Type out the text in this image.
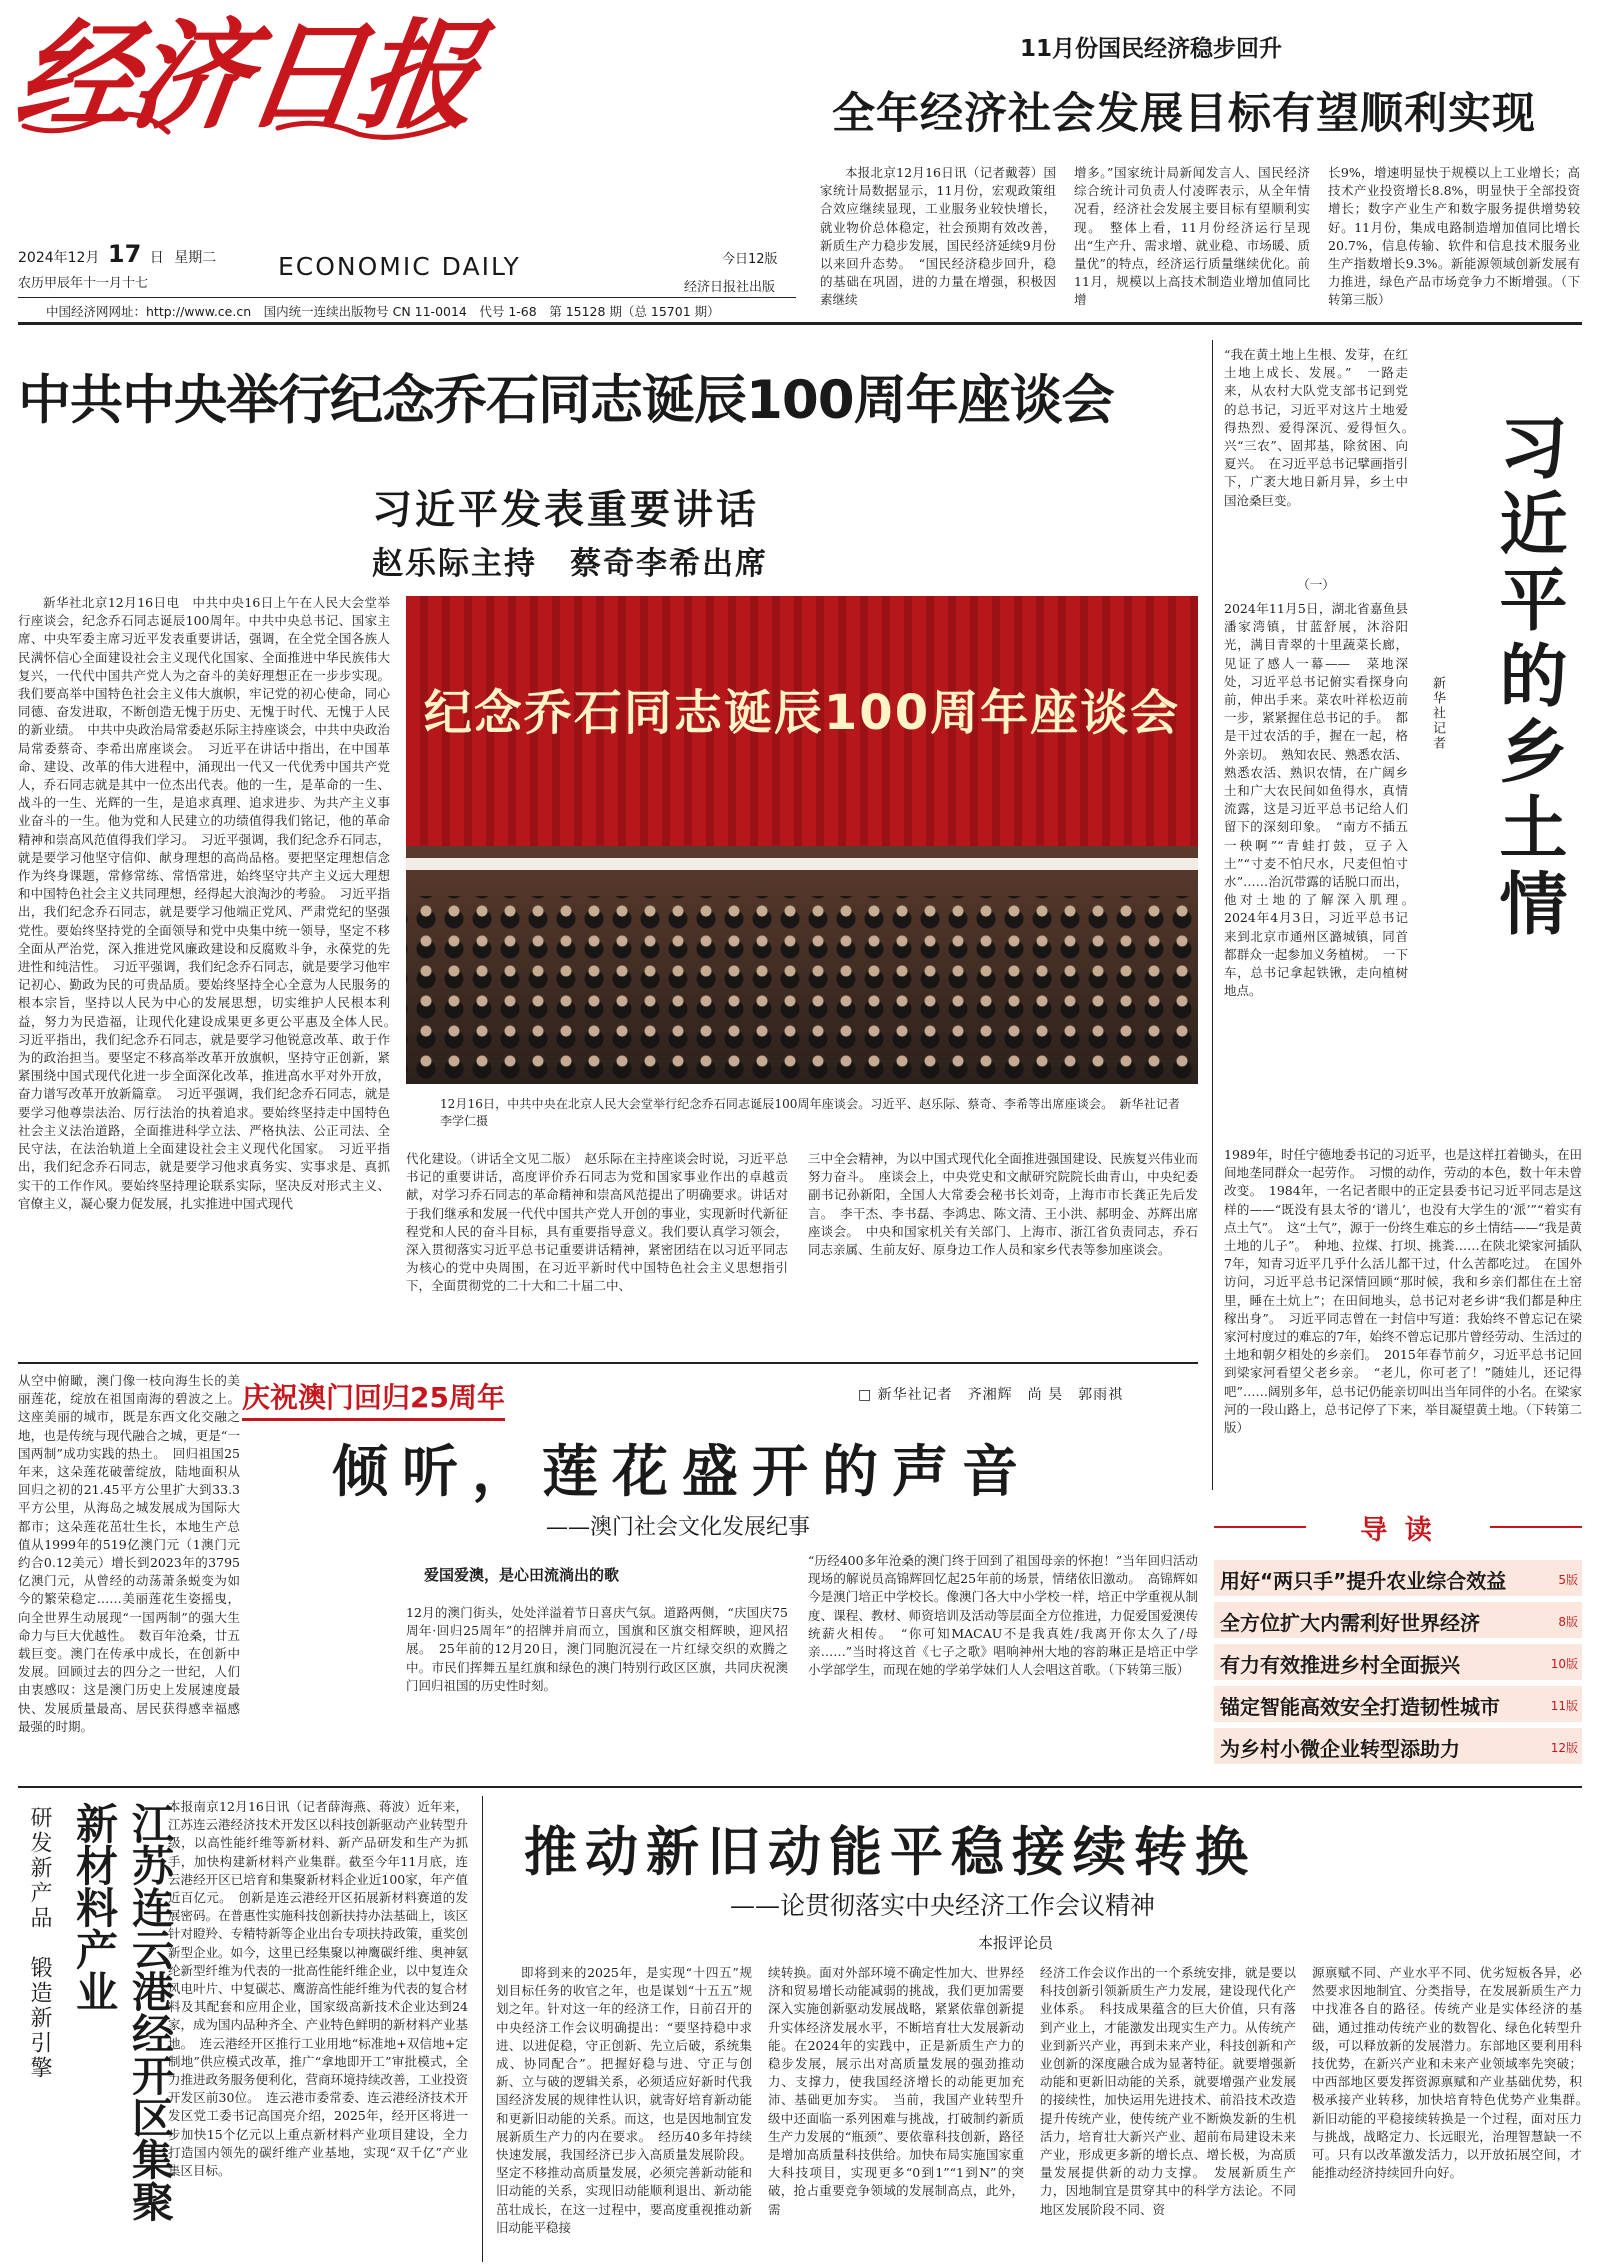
经济日报
2024年12月 17 日 星期二
农历甲辰年十一月十七
ECONOMIC DAILY	今日12版
经济日报社出版
中国经济网网址：http://www.ce.cn　国内统一连续出版物号 CN 11-0014　代号 1-68　第 15128 期（总 15701 期）
11月份国民经济稳步回升
全年经济社会发展目标有望顺利实现
本报北京12月16日讯（记者戴蓉）国家统计局数据显示，11月份，宏观政策组合效应继续显现，工业服务业较快增长，就业物价总体稳定，社会预期有效改善，新质生产力稳步发展，国民经济延续9月份以来回升态势。　“国民经济稳步回升，稳的基础在巩固，进的力量在增强，积极因素继续
增多。”国家统计局新闻发言人、国民经济综合统计司负责人付凌晖表示，从全年情况看，经济社会发展主要目标有望顺利实现。　整体上看，11月份经济运行呈现出“生产升、需求增、就业稳、市场暖、质量优”的特点，经济运行质量继续优化。前11月，规模以上高技术制造业增加值同比增
长9%，增速明显快于规模以上工业增长；高技术产业投资增长8.8%，明显快于全部投资增长；数字产业生产和数字服务提供增势较好。11月份，集成电路制造增加值同比增长20.7%，信息传输、软件和信息技术服务业生产指数增长9.3%。新能源领域创新发展有力推进，绿色产品市场竞争力不断增强。（下转第三版）
中共中央举行纪念乔石同志诞辰100周年座谈会
习近平发表重要讲话
赵乐际主持　蔡奇李希出席
新华社北京12月16日电　中共中央16日上午在人民大会堂举行座谈会，纪念乔石同志诞辰100周年。中共中央总书记、国家主席、中央军委主席习近平发表重要讲话，强调，在全党全国各族人民满怀信心全面建设社会主义现代化国家、全面推进中华民族伟大复兴，一代代中国共产党人为之奋斗的美好理想正在一步步实现。我们要高举中国特色社会主义伟大旗帜，牢记党的初心使命，同心同德、奋发进取，不断创造无愧于历史、无愧于时代、无愧于人民的新业绩。　中共中央政治局常委赵乐际主持座谈会，中共中央政治局常委蔡奇、李希出席座谈会。　习近平在讲话中指出，在中国革命、建设、改革的伟大进程中，涌现出一代又一代优秀中国共产党人，乔石同志就是其中一位杰出代表。他的一生，是革命的一生、战斗的一生、光辉的一生，是追求真理、追求进步、为共产主义事业奋斗的一生。他为党和人民建立的功绩值得我们铭记，他的革命精神和崇高风范值得我们学习。　习近平强调，我们纪念乔石同志，就是要学习他坚守信仰、献身理想的高尚品格。要把坚定理想信念作为终身课题，常修常练、常悟常进，始终坚守共产主义远大理想和中国特色社会主义共同理想，经得起大浪淘沙的考验。　习近平指出，我们纪念乔石同志，就是要学习他端正党风、严肃党纪的坚强党性。要始终坚持党的全面领导和党中央集中统一领导，坚定不移全面从严治党，深入推进党风廉政建设和反腐败斗争，永葆党的先进性和纯洁性。　习近平强调，我们纪念乔石同志，就是要学习他牢记初心、勤政为民的可贵品质。要始终坚持全心全意为人民服务的根本宗旨，坚持以人民为中心的发展思想，切实维护人民根本利益，努力为民造福，让现代化建设成果更多更公平惠及全体人民。　习近平指出，我们纪念乔石同志，就是要学习他锐意改革、敢于作为的政治担当。要坚定不移高举改革开放旗帜，坚持守正创新，紧紧围绕中国式现代化进一步全面深化改革，推进高水平对外开放，奋力谱写改革开放新篇章。　习近平强调，我们纪念乔石同志，就是要学习他尊崇法治、厉行法治的执着追求。要始终坚持走中国特色社会主义法治道路，全面推进科学立法、严格执法、公正司法、全民守法，在法治轨道上全面建设社会主义现代化国家。　习近平指出，我们纪念乔石同志，就是要学习他求真务实、实事求是、真抓实干的工作作风。要始终坚持理论联系实际，坚决反对形式主义、官僚主义，凝心聚力促发展，扎实推进中国式现代
纪念乔石同志诞辰100周年座谈会
12月16日，中共中央在北京人民大会堂举行纪念乔石同志诞辰100周年座谈会。习近平、赵乐际、蔡奇、李希等出席座谈会。　新华社记者 李学仁摄
代化建设。（讲话全文见二版）　赵乐际在主持座谈会时说，习近平总书记的重要讲话，高度评价乔石同志为党和国家事业作出的卓越贡献，对学习乔石同志的革命精神和崇高风范提出了明确要求。讲话对于我们继承和发展一代代中国共产党人开创的事业，实现新时代新征程党和人民的奋斗目标，具有重要指导意义。我们要认真学习领会，深入贯彻落实习近平总书记重要讲话精神，紧密团结在以习近平同志为核心的党中央周围，在习近平新时代中国特色社会主义思想指引下，全面贯彻党的二十大和二十届二中、
三中全会精神，为以中国式现代化全面推进强国建设、民族复兴伟业而努力奋斗。　座谈会上，中央党史和文献研究院院长曲青山，中央纪委副书记孙新阳，全国人大常委会秘书长刘奇，上海市市长龚正先后发言。　李干杰、李书磊、李鸿忠、陈文清、王小洪、郝明金、苏辉出席座谈会。　中央和国家机关有关部门、上海市、浙江省负责同志，乔石同志亲属、生前友好、原身边工作人员和家乡代表等参加座谈会。
“我在黄土地上生根、发芽，在红土地上成长、发展。”　一路走来，从农村大队党支部书记到党的总书记，习近平对这片土地爱得热烈、爱得深沉、爱得恒久。　兴“三农”、固邦基，除贫困、向夏兴。　在习近平总书记擘画指引下，广袤大地日新月异，乡土中国沧桑巨变。
（一）
2024年11月5日，湖北省嘉鱼县潘家湾镇，甘蓝舒展，沐浴阳光，满目青翠的十里蔬菜长廊，见证了感人一幕——　菜地深处，习近平总书记俯实看探身向前，伸出手来。菜农叶祥松迈前一步，紧紧握住总书记的手。　都是干过农活的手，握在一起，格外亲切。　熟知农民、熟悉农活、熟悉农活、熟识农情，在广阔乡土和广大农民间如鱼得水，真情流露，这是习近平总书记给人们留下的深刻印象。　“南方不插五一秧啊”“青蛙打鼓，豆子入土”“寸麦不怕尺水，尺麦但怕寸水”……治沉带露的话脱口而出，他对土地的了解深入肌理。　2024年4月3日，习近平总书记来到北京市通州区潞城镇，同首都群众一起参加义务植树。　一下车，总书记拿起铁锹，走向植树地点。
习近平的乡土情
新华社记者
1989年，时任宁德地委书记的习近平，也是这样扛着锄头，在田间地垄同群众一起劳作。　习惯的动作，劳动的本色，数十年未曾改变。　1984年，一名记者眼中的正定县委书记习近平同志是这样的——“既没有县太爷的‘谱儿’，也没有大学生的‘派’”“着实有点土气”。　这“土气”，源于一份终生难忘的乡土情结——“我是黄土地的儿子”。　种地、拉煤、打坝、挑粪……在陕北梁家河插队7年，知青习近平几乎什么活儿都干过，什么苦都吃过。　在国外访问，习近平总书记深情回顾“那时候，我和乡亲们都住在土窑里，睡在土炕上”；在田间地头，总书记对老乡讲“我们都是种庄稼出身”。　习近平同志曾在一封信中写道：我始终不曾忘记在梁家河村度过的难忘的7年，始终不曾忘记那片曾经劳动、生活过的土地和朝夕相处的乡亲们。　2015年春节前夕，习近平总书记回到梁家河看望父老乡亲。　“老儿，你可老了！”随娃儿，还记得吧”……阔别多年，总书记仍能亲切叫出当年同伴的小名。在梁家河的一段山路上，总书记停了下来，举目凝望黄土地。（下转第二版）
从空中俯瞰，澳门像一枝向海生长的美丽莲花，绽放在祖国南海的碧波之上。这座美丽的城市，既是东西文化交融之地，也是传统与现代融合之城，更是“一国两制”成功实践的热土。　回归祖国25年来，这朵莲花破蕾绽放，陆地面积从回归之初的21.45平方公里扩大到33.3平方公里，从海岛之城发展成为国际大都市；这朵莲花茁壮生长，本地生产总值从1999年的519亿澳门元（1澳门元约合0.12美元）增长到2023年的3795亿澳门元，从曾经的动荡萧条蜕变为如今的繁荣稳定……美丽莲花生姿摇曳，向全世界生动展现“一国两制”的强大生命力与巨大优越性。　数百年沧桑，廿五载巨变。澳门在传承中成长，在创新中发展。回顾过去的四分之一世纪，人们由衷感叹：这是澳门历史上发展速度最快、发展质量最高、居民获得感幸福感最强的时期。
庆祝澳门回归25周年	□ 新华社记者　齐湘辉　尚 昊　郭雨祺
倾听，莲花盛开的声音
——澳门社会文化发展纪事
爱国爱澳，是心田流淌出的歌
12月的澳门街头，处处洋溢着节日喜庆气氛。道路两侧，“庆国庆75周年·回归25周年”的招牌并肩而立，国旗和区旗交相辉映，迎风招展。　25年前的12月20日，澳门同胞沉浸在一片红绿交织的欢腾之中。市民们挥舞五星红旗和绿色的澳门特别行政区区旗，共同庆祝澳门回归祖国的历史性时刻。
“历经400多年沧桑的澳门终于回到了祖国母亲的怀抱！”当年回归活动现场的解说员高锦辉回忆起25年前的场景，情绪依旧激动。　高锦辉如今是澳门培正中学校长。像澳门各大中小学校一样，培正中学重视从制度、课程、教材、师资培训及活动等层面全方位推进，力促爱国爱澳传统薪火相传。　“你可知MACAU不是我真姓/我离开你太久了/母亲……”当时将这首《七子之歌》唱响神州大地的容韵琳正是培正中学小学部学生，而现在她的学弟学妹们人人会唱这首歌。（下转第三版）
导 读
用好“两只手”提升农业综合效益	5版
全方位扩大内需利好世界经济	8版
有力有效推进乡村全面振兴	10版
锚定智能高效安全打造韧性城市	11版
为乡村小微企业转型添助力	12版
研发新产品　锻造新引擎	江苏连云港经开区集聚新材料产业	本报南京12月16日讯（记者薛海燕、蒋波）近年来，江苏连云港经济技术开发区以科技创新驱动产业转型升级，以高性能纤维等新材料、新产品研发和生产为抓手，加快构建新材料产业集群。截至今年11月底，连云港经开区已培育和集聚新材料企业近100家，年产值近百亿元。　创新是连云港经开区拓展新材料赛道的发展密码。在普惠性实施科技创新扶持办法基础上，该区针对瞪羚、专精特新等企业出台专项扶持政策，重奖创新型企业。如今，这里已经集聚以神鹰碳纤维、奥神氨纶新型纤维为代表的一批高性能纤维企业，以中复连众风电叶片、中复碳芯、鹰游高性能纤维为代表的复合材料及其配套和应用企业，国家级高新技术企业达到24家，成为国内品种齐全、产业特色鲜明的新材料产业基地。　连云港经开区推行工业用地“标准地+双信地+定制地”供应模式改革，推广“拿地即开工”审批模式，全力推进政务服务便利化，营商环境持续改善，工业投资开发区前30位。　连云港市委常委、连云港经济技术开发区党工委书记高国亮介绍，2025年，经开区将进一步加快15个亿元以上重点新材料产业项目建设，全力打造国内领先的碳纤维产业基地，实现“双千亿”产业集区目标。
推动新旧动能平稳接续转换
——论贯彻落实中央经济工作会议精神
本报评论员
即将到来的2025年，是实现“十四五”规划目标任务的收官之年，也是谋划“十五五”规划之年。针对这一年的经济工作，日前召开的中央经济工作会议明确提出：“要坚持稳中求进、以进促稳，守正创新、先立后破，系统集成、协同配合”。把握好稳与进、守正与创新、立与破的逻辑关系，必须适应好新时代我国经济发展的规律性认识，就寄好培育新动能和更新旧动能的关系。而这，也是因地制宜发展新质生产力的内在要求。　经历40多年持续快速发展，我国经济已步入高质量发展阶段。坚定不移推动高质量发展，必须完善新动能和旧动能的关系，实现旧动能顺利退出、新动能茁壮成长，在这一过程中，要高度重视推动新旧动能平稳接
续转换。面对外部环境不确定性加大、世界经济和贸易增长动能减弱的挑战，我们更加需要深入实施创新驱动发展战略，紧紧依靠创新提升实体经济发展水平，不断培育壮大发展新动能。在2024年的实践中，正是新质生产力的稳步发展，展示出对高质量发展的强劲推动力、支撑力，使我国经济增长的动能更加充沛、基础更加夯实。　当前，我国产业转型升级中还面临一系列困难与挑战，打破制约新质生产力发展的“瓶颈”、要依靠科技创新，路径是增加高质量科技供给。加快布局实施国家重大科技项目，实现更多“0到1”“1到N”的突破，抢占重要竞争领域的发展制高点，此外，需
经济工作会议作出的一个系统安排，就是要以科技创新引领新质生产力发展，建设现代化产业体系。　科技成果蕴含的巨大价值，只有落到产业上，才能激发出现实生产力。从传统产业到新兴产业，再到未来产业，科技创新和产业创新的深度融合成为显著特征。就要增强新动能和更新旧动能的关系，就要增强产业发展的接续性，加快运用先进技术、前沿技术改造提升传统产业，使传统产业不断焕发新的生机活力，培育壮大新兴产业、超前布局建设未来产业，形成更多新的增长点、增长极，为高质量发展提供新的动力支撑。　发展新质生产力，因地制宜是贯穿其中的科学方法论。不同地区发展阶段不同、资
源禀赋不同、产业水平不同、优劣短板各异，必然要求因地制宜、分类指导，在发展新质生产力中找准各自的路径。传统产业是实体经济的基础，通过推动传统产业的数智化、绿色化转型升级，可以释放新的发展潜力。东部地区要利用科技优势，在新兴产业和未来产业领域率先突破；中西部地区要发挥资源禀赋和产业基础优势，积极承接产业转移，加快培育特色优势产业集群。　新旧动能的平稳接续转换是一个过程，面对压力与挑战，战略定力、长远眼光，治理智慧缺一不可。只有以改革激发活力，以开放拓展空间，才能推动经济持续回升向好。
